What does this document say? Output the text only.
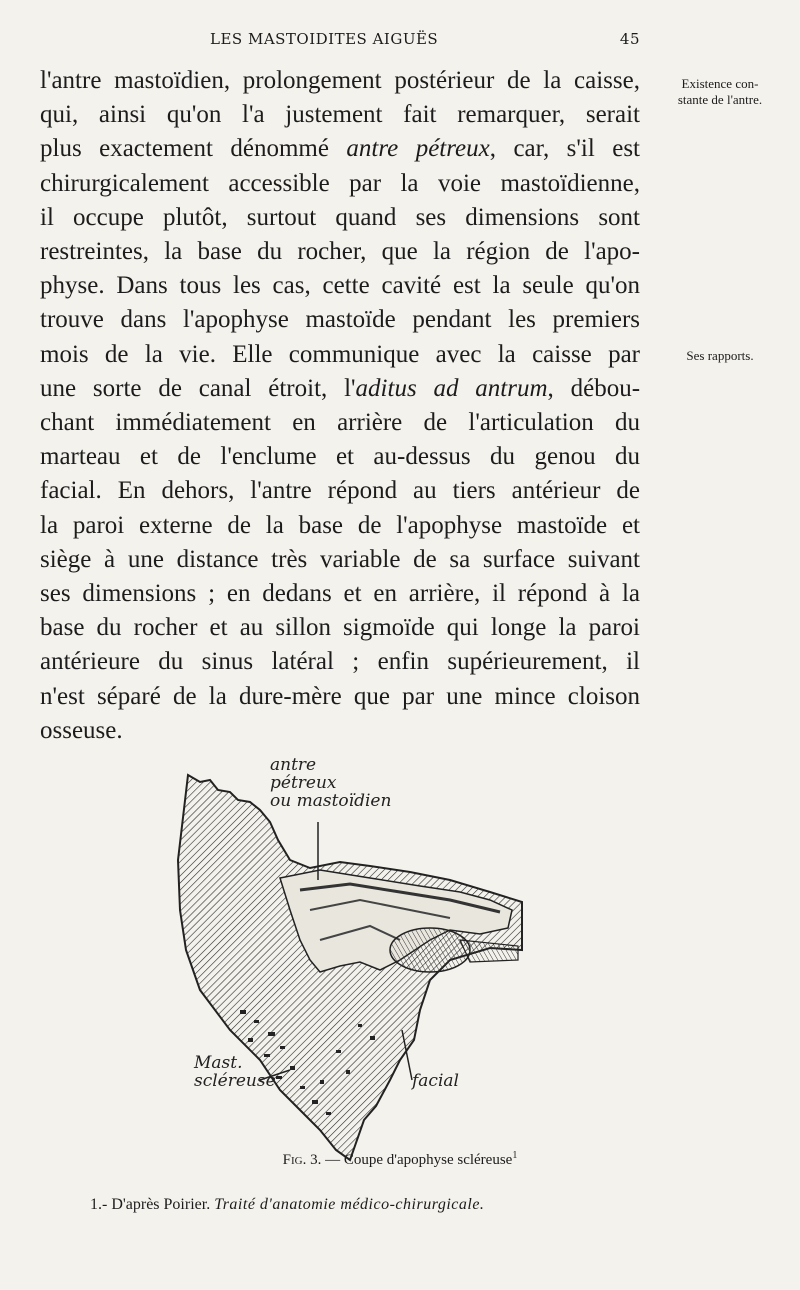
LES MASTOIDITES AIGUËS	45
l'antre mastoïdien, prolongement postérieur de la caisse,
qui, ainsi qu'on l'a justement fait remarquer, serait
plus exactement dénommé antre pétreux, car, s'il est
chirurgicalement accessible par la voie mastoïdienne,
il occupe plutôt, surtout quand ses dimensions sont
restreintes, la base du rocher, que la région de l'apo-
physe. Dans tous les cas, cette cavité est la seule qu'on
trouve dans l'apophyse mastoïde pendant les premiers
mois de la vie. Elle communique avec la caisse par
une sorte de canal étroit, l'aditus ad antrum, débou-
chant immédiatement en arrière de l'articulation du
marteau et de l'enclume et au-dessus du genou du
facial. En dehors, l'antre répond au tiers antérieur de
la paroi externe de la base de l'apophyse mastoïde et
siège à une distance très variable de sa surface suivant
ses dimensions ; en dedans et en arrière, il répond à la
base du rocher et au sillon sigmoïde qui longe la paroi
antérieure du sinus latéral ; enfin supérieurement, il
n'est séparé de la dure-mère que par une mince cloison
osseuse.
Existence con-
stante de l'antre.
Ses rapports.
antre
pétreux
ou mastoïdien
Mast.
scléreuse	facial
Fig. 3. — Coupe d'apophyse scléreuse$^1$
1.- D'après Poirier. Traité d'anatomie médico-chirurgicale.
